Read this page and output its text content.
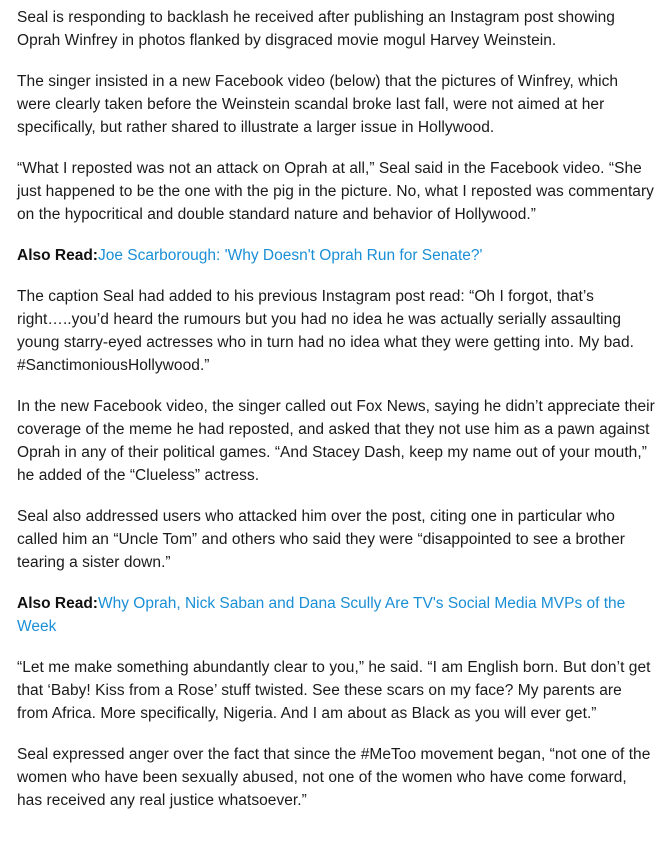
Seal is responding to backlash he received after publishing an Instagram post showing Oprah Winfrey in photos flanked by disgraced movie mogul Harvey Weinstein.

The singer insisted in a new Facebook video (below) that the pictures of Winfrey, which were clearly taken before the Weinstein scandal broke last fall, were not aimed at her specifically, but rather shared to illustrate a larger issue in Hollywood.

“What I reposted was not an attack on Oprah at all,” Seal said in the Facebook video. “She just happened to be the one with the pig in the picture. No, what I reposted was commentary on the hypocritical and double standard nature and behavior of Hollywood.”

Also Read:Joe Scarborough: 'Why Doesn't Oprah Run for Senate?'

The caption Seal had added to his previous Instagram post read: “Oh I forgot, that’s right…..you’d heard the rumours but you had no idea he was actually serially assaulting young starry-eyed actresses who in turn had no idea what they were getting into. My bad. #SanctimoniousHollywood.”

In the new Facebook video, the singer called out Fox News, saying he didn’t appreciate their coverage of the meme he had reposted, and asked that they not use him as a pawn against Oprah in any of their political games. “And Stacey Dash, keep my name out of your mouth,” he added of the “Clueless” actress.

Seal also addressed users who attacked him over the post, citing one in particular who called him an “Uncle Tom” and others who said they were “disappointed to see a brother tearing a sister down.”

Also Read:Why Oprah, Nick Saban and Dana Scully Are TV's Social Media MVPs of the Week

“Let me make something abundantly clear to you,” he said. “I am English born. But don’t get that ‘Baby! Kiss from a Rose’ stuff twisted. See these scars on my face? My parents are from Africa. More specifically, Nigeria. And I am about as Black as you will ever get.”

Seal expressed anger over the fact that since the #MeToo movement began, “not one of the women who have been sexually abused, not one of the women who have come forward, has received any real justice whatsoever.”
